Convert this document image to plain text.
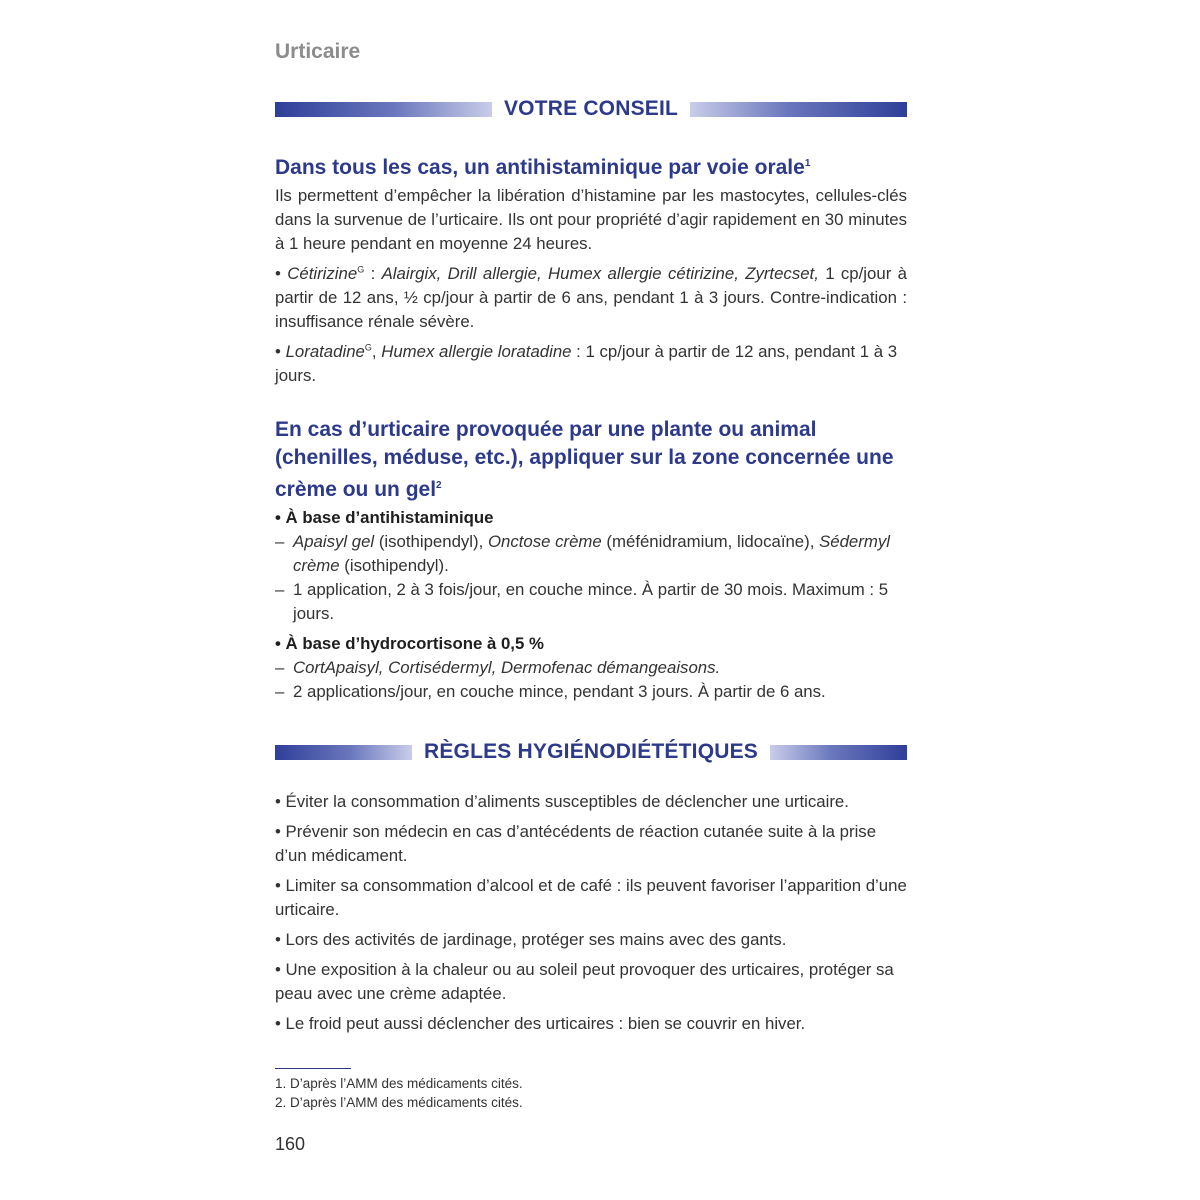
Urticaire
VOTRE CONSEIL
Dans tous les cas, un antihistaminique par voie orale$^1$

Ils permettent d’empêcher la libération d’histamine par les mastocytes, cellules-clés dans la survenue de l’urticaire. Ils ont pour propriété d’agir rapidement en 30 minutes à 1 heure pendant en moyenne 24 heures.

• Cétirizine$^G$ : Alairgix, Drill allergie, Humex allergie cétirizine, Zyrtecset, 1 cp/jour à partir de 12 ans, ½ cp/jour à partir de 6 ans, pendant 1 à 3 jours. Contre-indication : insuffisance rénale sévère.

• Loratadine$^G$, Humex allergie loratadine : 1 cp/jour à partir de 12 ans, pendant 1 à 3 jours.

En cas d’urticaire provoquée par une plante ou animal (chenilles, méduse, etc.), appliquer sur la zone concernée une crème ou un gel$^2$

• À base d’antihistaminique

– Apaisyl gel (isothipendyl), Onctose crème (méfénidramium, lidocaïne), Sédermyl crème (isothipendyl).
– 1 application, 2 à 3 fois/jour, en couche mince. À partir de 30 mois. Maximum : 5 jours.

• À base d’hydrocortisone à 0,5 %

– CortApaisyl, Cortisédermyl, Dermofenac démangeaisons.
– 2 applications/jour, en couche mince, pendant 3 jours. À partir de 6 ans.
RÈGLES HYGIÉNODIÉTÉTIQUES

• Éviter la consommation d’aliments susceptibles de déclencher une urticaire.

• Prévenir son médecin en cas d’antécédents de réaction cutanée suite à la prise d’un médicament.

• Limiter sa consommation d’alcool et de café : ils peuvent favoriser l’apparition d’une urticaire.

• Lors des activités de jardinage, protéger ses mains avec des gants.

• Une exposition à la chaleur ou au soleil peut provoquer des urticaires, protéger sa peau avec une crème adaptée.

• Le froid peut aussi déclencher des urticaires : bien se couvrir en hiver.

1. D’après l’AMM des médicaments cités.
2. D’après l’AMM des médicaments cités.
160
